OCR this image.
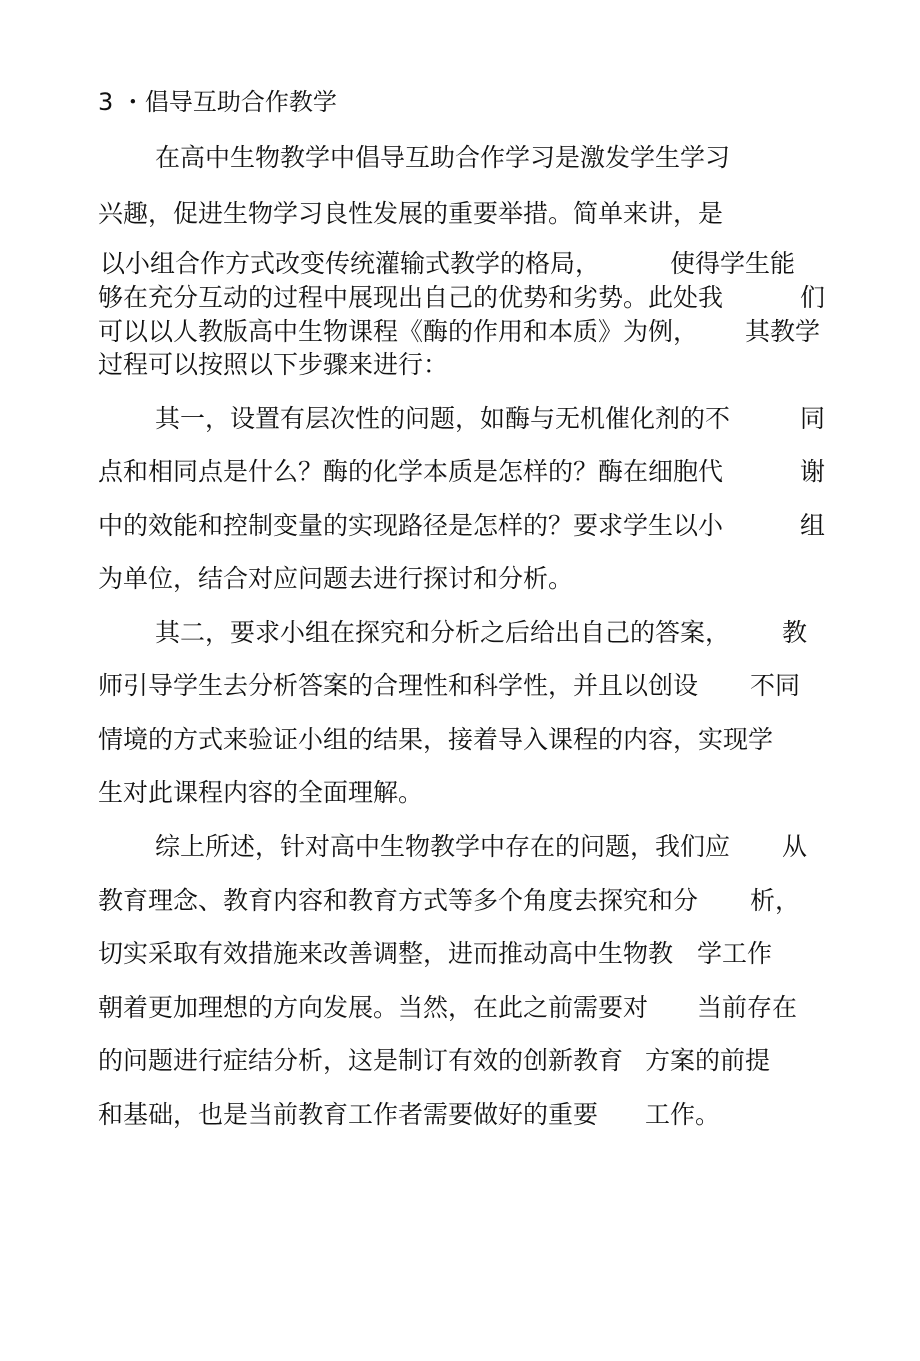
3 ・倡导互助合作教学
在高中生物教学中倡导互助合作学习是激发学生学习
兴趣，促进生物学习良性发展的重要举措。简单来讲，是
以小组合作方式改变传统灌输式教学的格局，	使得学生能
够在充分互动的过程中展现出自己的优势和劣势。此处我	们
可以以人教版高中生物课程《酶的作用和本质》为例， 其教学
过程可以按照以下步骤来进行：
其一，设置有层次性的问题，如酶与无机催化剂的不	同
点和相同点是什么？酶的化学本质是怎样的？酶在细胞代	谢
中的效能和控制变量的实现路径是怎样的？要求学生以小	组
为单位，结合对应问题去进行探讨和分析。
其二，要求小组在探究和分析之后给出自己的答案， 教
师引导学生去分析答案的合理性和科学性，并且以创设 不同
情境的方式来验证小组的结果，接着导入课程的内容，实现学
生对此课程内容的全面理解。
综上所述，针对高中生物教学中存在的问题，我们应 从
教育理念、教育内容和教育方式等多个角度去探究和分 析，
切实采取有效措施来改善调整，进而推动高中生物教 学工作
朝着更加理想的方向发展。当然，在此之前需要对 当前存在
的问题进行症结分析，这是制订有效的创新教育 方案的前提
和基础，也是当前教育工作者需要做好的重要 工作。
